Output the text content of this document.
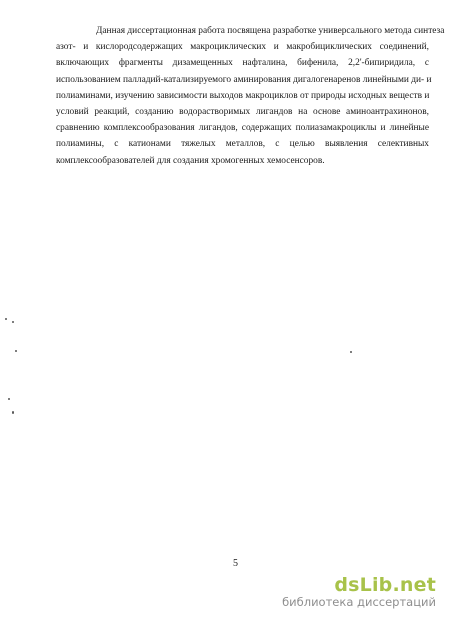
Данная диссертационная работа посвящена разработке универсального метода синтеза
азот- и кислородсодержащих макроциклических и макробициклических соединений,
включающих фрагменты дизамещенных нафталина, бифенила, 2,2'-бипиридила, с
использованием палладий-катализируемого аминирования дигалогенаренов линейными ди- и
полиаминами, изучению зависимости выходов макроциклов от природы исходных веществ и
условий реакций, созданию водорастворимых лигандов на основе аминоантрахинонов,
сравнению комплексообразования лигандов, содержащих полиазамакроциклы и линейные
полиамины, с катионами тяжелых металлов, с целью выявления селективных
комплексообразователей для создания хромогенных хемосенсоров.
5
dsLib.net
библиотека диссертаций
